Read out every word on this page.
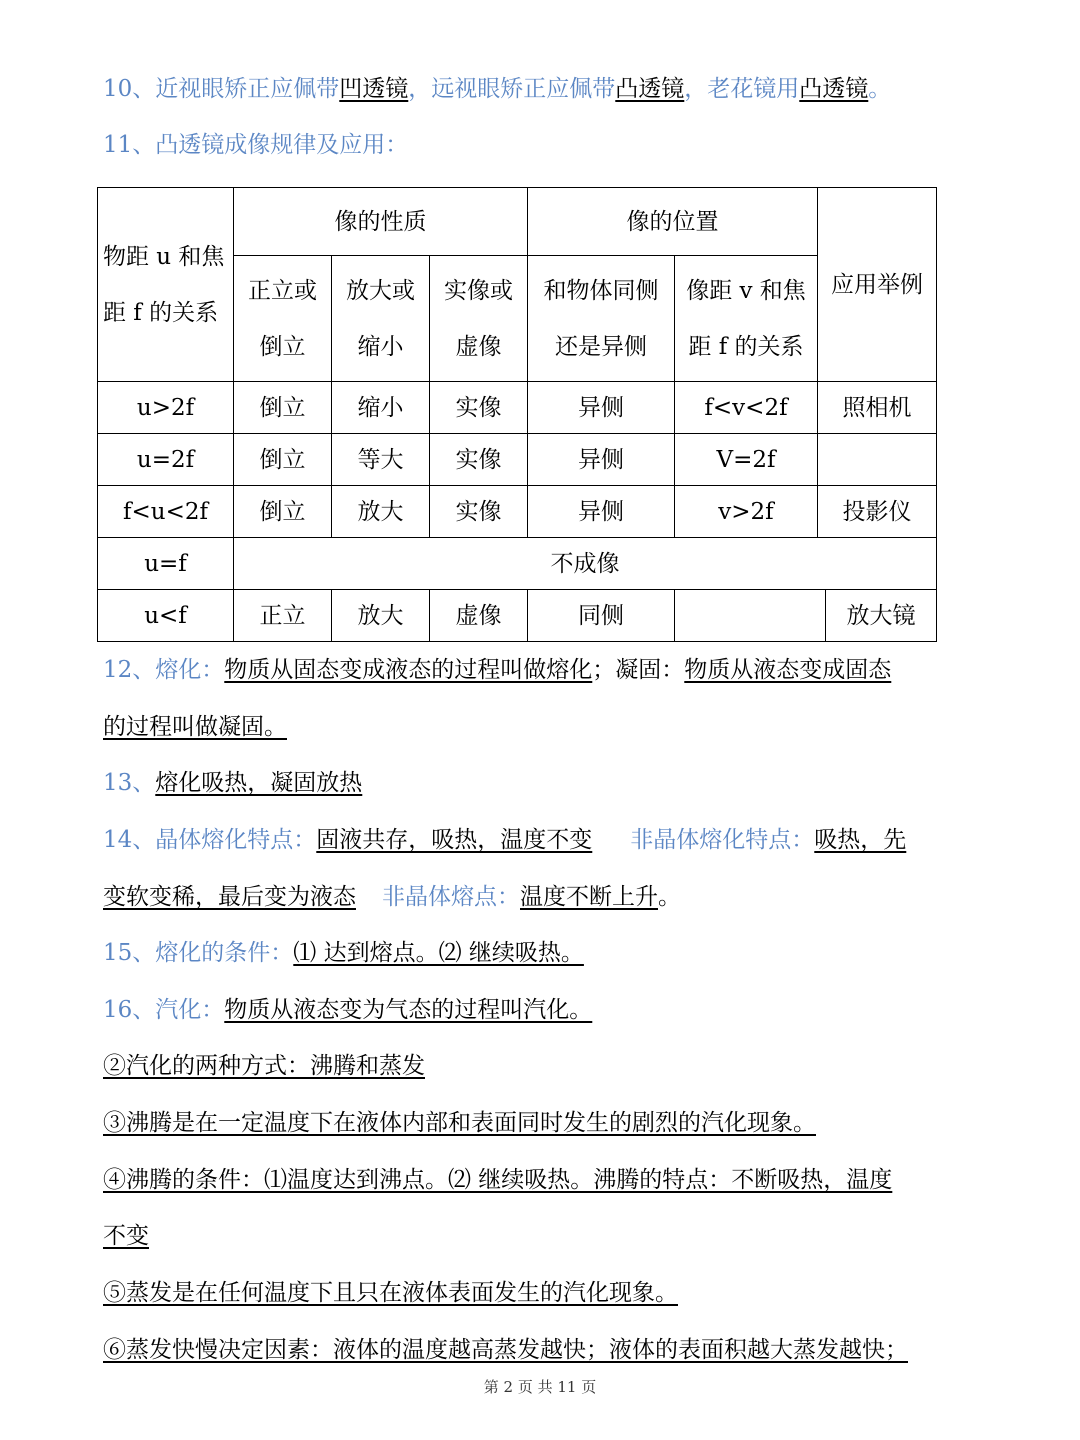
10、近视眼矫正应佩带凹透镜，远视眼矫正应佩带凸透镜，老花镜用凸透镜。
11、凸透镜成像规律及应用：
物距 u 和焦距 f 的关系	像的性质			像的位置		应用举例	

	正立或倒立	放大或缩小	实像或虚像	和物体同侧还是异侧	像距 v 和焦距 f 的关系		

u>2f	倒立	缩小	实像	异侧	f<v<2f	照相机	
u=2f	倒立	等大	实像	异侧	V=2f		
f<u<2f	倒立	放大	实像	异侧	v>2f	投影仪	
u=f	不成像						
u<f	正立	放大	虚像	同侧			放大镜
12、熔化：物质从固态变成液态的过程叫做熔化；凝固：物质从液态变成固态
的过程叫做凝固。
13、熔化吸热，凝固放热
14、晶体熔化特点：固液共存，吸热，温度不变 非晶体熔化特点：吸热，先
变软变稀，最后变为液态 非晶体熔点：温度不断上升。
15、熔化的条件：⑴ 达到熔点。⑵ 继续吸热。
16、汽化：物质从液态变为气态的过程叫汽化。
②汽化的两种方式：沸腾和蒸发
③沸腾是在一定温度下在液体内部和表面同时发生的剧烈的汽化现象。
④沸腾的条件：⑴温度达到沸点。⑵ 继续吸热。沸腾的特点：不断吸热，温度
不变
⑤蒸发是在任何温度下且只在液体表面发生的汽化现象。
⑥蒸发快慢决定因素：液体的温度越高蒸发越快；液体的表面积越大蒸发越快；
第 2 页 共 11 页
